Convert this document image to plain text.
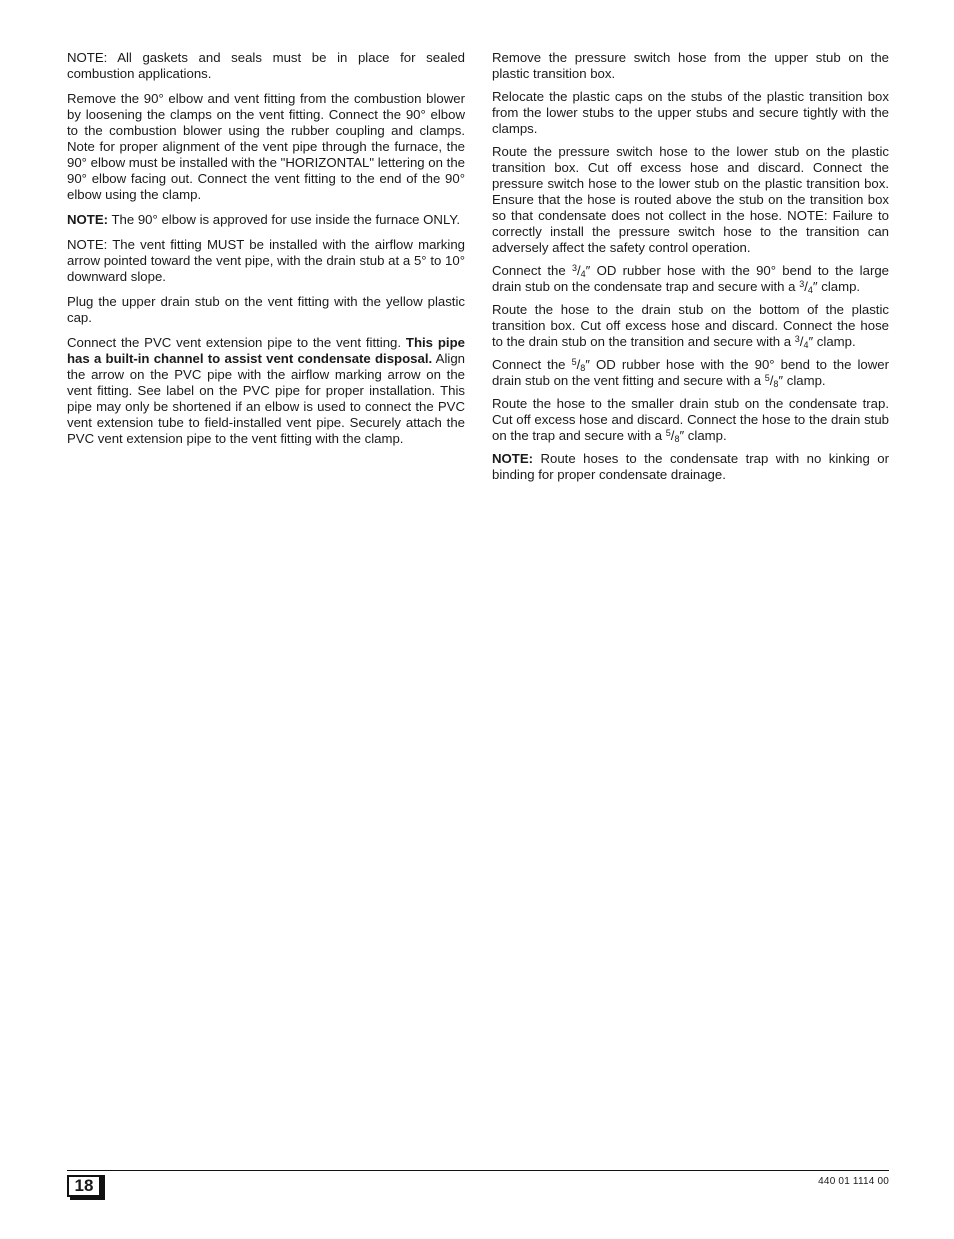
NOTE: All gaskets and seals must be in place for sealed combustion applications.

Remove the 90° elbow and vent fitting from the combustion blower by loosening the clamps on the vent fitting. Connect the 90° elbow to the combustion blower using the rubber coupling and clamps. Note for proper alignment of the vent pipe through the furnace, the 90° elbow must be installed with the "HORIZONTAL" lettering on the 90° elbow facing out. Connect the vent fitting to the end of the 90° elbow using the clamp.

NOTE: The 90° elbow is approved for use inside the furnace ONLY.

NOTE: The vent fitting MUST be installed with the airflow marking arrow pointed toward the vent pipe, with the drain stub at a 5° to 10° downward slope.

Plug the upper drain stub on the vent fitting with the yellow plastic cap.

Connect the PVC vent extension pipe to the vent fitting. This pipe has a built-in channel to assist vent condensate disposal. Align the arrow on the PVC pipe with the airflow marking arrow on the vent fitting. See label on the PVC pipe for proper installation. This pipe may only be shortened if an elbow is used to connect the PVC vent extension tube to field-installed vent pipe. Securely attach the PVC vent extension pipe to the vent fitting with the clamp.

Remove the pressure switch hose from the upper stub on the plastic transition box.

Relocate the plastic caps on the stubs of the plastic transition box from the lower stubs to the upper stubs and secure tightly with the clamps.

Route the pressure switch hose to the lower stub on the plastic transition box. Cut off excess hose and discard. Connect the pressure switch hose to the lower stub on the plastic transition box. Ensure that the hose is routed above the stub on the transition box so that condensate does not collect in the hose. NOTE: Failure to correctly install the pressure switch hose to the transition can adversely affect the safety control operation.

Connect the $^3/_4''$ OD rubber hose with the 90° bend to the large drain stub on the condensate trap and secure with a $^3/_4''$ clamp.

Route the hose to the drain stub on the bottom of the plastic transition box. Cut off excess hose and discard. Connect the hose to the drain stub on the transition and secure with a $^3/_4''$ clamp.

Connect the $^5/_8''$ OD rubber hose with the 90° bend to the lower drain stub on the vent fitting and secure with a $^5/_8''$ clamp.

Route the hose to the smaller drain stub on the condensate trap. Cut off excess hose and discard. Connect the hose to the drain stub on the trap and secure with a $^5/_8''$ clamp.

NOTE: Route hoses to the condensate trap with no kinking or binding for proper condensate drainage.

18	440 01 1114 00
